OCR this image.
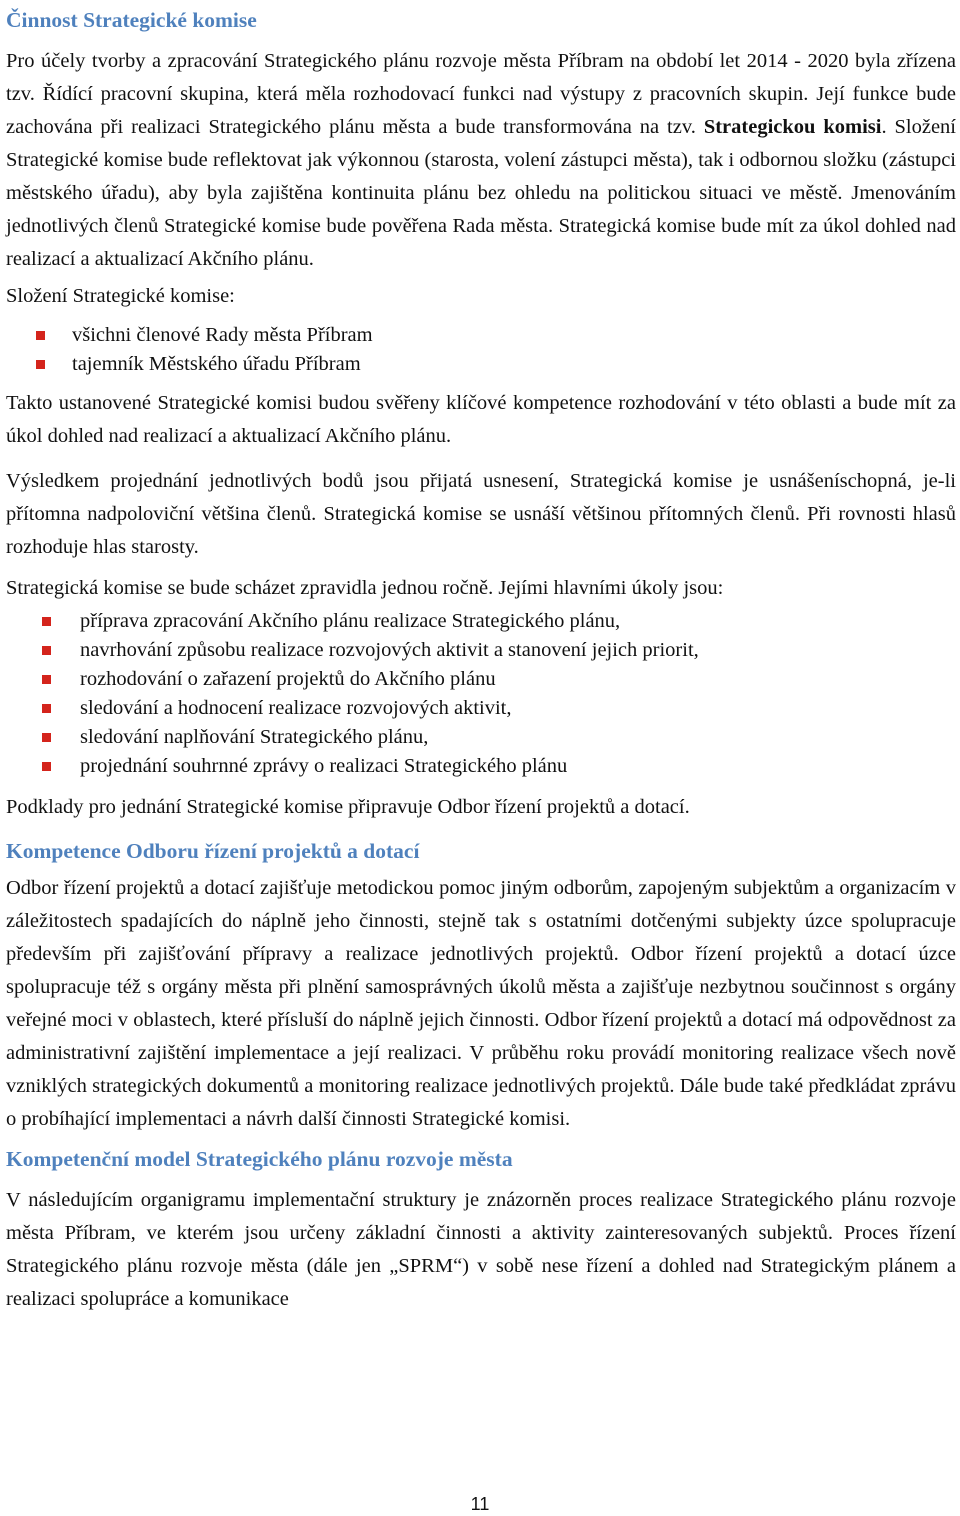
Činnost Strategické komise

Pro účely tvorby a zpracování Strategického plánu rozvoje města Příbram na období let 2014 - 2020 byla zřízena tzv. Řídící pracovní skupina, která měla rozhodovací funkci nad výstupy z pracovních skupin. Její funkce bude zachována při realizaci Strategického plánu města a bude transformována na tzv. Strategickou komisi. Složení Strategické komise bude reflektovat jak výkonnou (starosta, volení zástupci města), tak i odbornou složku (zástupci městského úřadu), aby byla zajištěna kontinuita plánu bez ohledu na politickou situaci ve městě. Jmenováním jednotlivých členů Strategické komise bude pověřena Rada města. Strategická komise bude mít za úkol dohled nad realizací a aktualizací Akčního plánu.

Složení Strategické komise:

všichni členové Rady města Příbram
tajemník Městského úřadu Příbram

Takto ustanovené Strategické komisi budou svěřeny klíčové kompetence rozhodování v této oblasti a bude mít za úkol dohled nad realizací a aktualizací Akčního plánu.

Výsledkem projednání jednotlivých bodů jsou přijatá usnesení, Strategická komise je usnášeníschopná, je-li přítomna nadpoloviční většina členů. Strategická komise se usnáší většinou přítomných členů. Při rovnosti hlasů rozhoduje hlas starosty.

Strategická komise se bude scházet zpravidla jednou ročně. Jejími hlavními úkoly jsou:

příprava zpracování Akčního plánu realizace Strategického plánu,
navrhování způsobu realizace rozvojových aktivit a stanovení jejich priorit,
rozhodování o zařazení projektů do Akčního plánu
sledování a hodnocení realizace rozvojových aktivit,
sledování naplňování Strategického plánu,
projednání souhrnné zprávy o realizaci Strategického plánu

Podklady pro jednání Strategické komise připravuje Odbor řízení projektů a dotací.

Kompetence Odboru řízení projektů a dotací

Odbor řízení projektů a dotací zajišťuje metodickou pomoc jiným odborům, zapojeným subjektům a organizacím v záležitostech spadajících do náplně jeho činnosti, stejně tak s ostatními dotčenými subjekty úzce spolupracuje především při zajišťování přípravy a realizace jednotlivých projektů. Odbor řízení projektů a dotací úzce spolupracuje též s orgány města při plnění samosprávných úkolů města a zajišťuje nezbytnou součinnost s orgány veřejné moci v oblastech, které přísluší do náplně jejich činnosti. Odbor řízení projektů a dotací má odpovědnost za administrativní zajištění implementace a její realizaci. V průběhu roku provádí monitoring realizace všech nově vzniklých strategických dokumentů a monitoring realizace jednotlivých projektů. Dále bude také předkládat zprávu o probíhající implementaci a návrh další činnosti Strategické komisi.

Kompetenční model Strategického plánu rozvoje města

V následujícím organigramu implementační struktury je znázorněn proces realizace Strategického plánu rozvoje města Příbram, ve kterém jsou určeny základní činnosti a aktivity zainteresovaných subjektů. Proces řízení Strategického plánu rozvoje města (dále jen „SPRM“) v sobě nese řízení a dohled nad Strategickým plánem a realizaci spolupráce a komunikace

11
